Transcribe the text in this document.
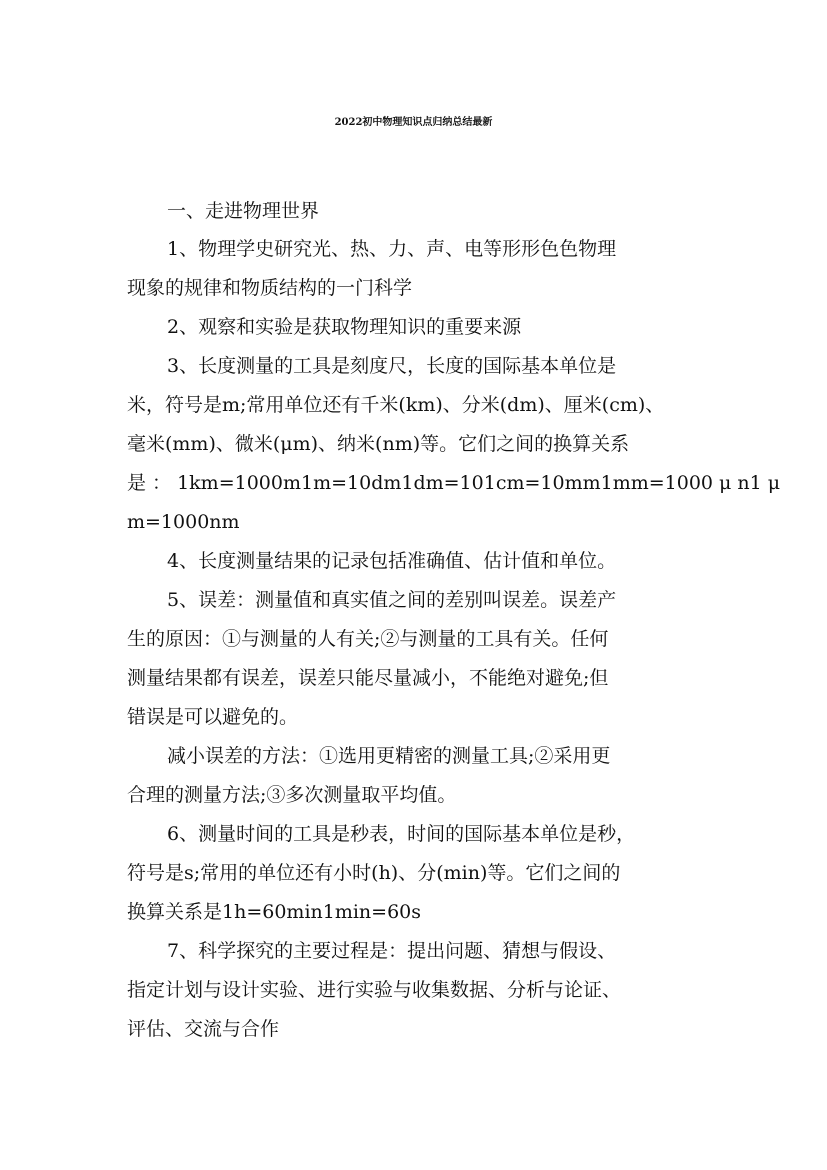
2022初中物理知识点归纳总结最新
一、走进物理世界
1、物理学史研究光、热、力、声、电等形形色色物理
现象的规律和物质结构的一门科学
2、观察和实验是获取物理知识的重要来源
3、长度测量的工具是刻度尺，长度的国际基本单位是
米，符号是m;常用单位还有千米(km)、分米(dm)、厘米(cm)、
毫米(mm)、微米(μm)、纳米(nm)等。它们之间的换算关系
是 ： 1km=1000m1m=10dm1dm=101cm=10mm1mm=1000 μ n1 μ
m=1000nm
4、长度测量结果的记录包括准确值、估计值和单位。
5、误差：测量值和真实值之间的差别叫误差。误差产
生的原因：①与测量的人有关;②与测量的工具有关。任何
测量结果都有误差，误差只能尽量减小，不能绝对避免;但
错误是可以避免的。
减小误差的方法：①选用更精密的测量工具;②采用更
合理的测量方法;③多次测量取平均值。
6、测量时间的工具是秒表，时间的国际基本单位是秒，
符号是s;常用的单位还有小时(h)、分(min)等。它们之间的
换算关系是1h=60min1min=60s
7、科学探究的主要过程是：提出问题、猜想与假设、
指定计划与设计实验、进行实验与收集数据、分析与论证、
评估、交流与合作
